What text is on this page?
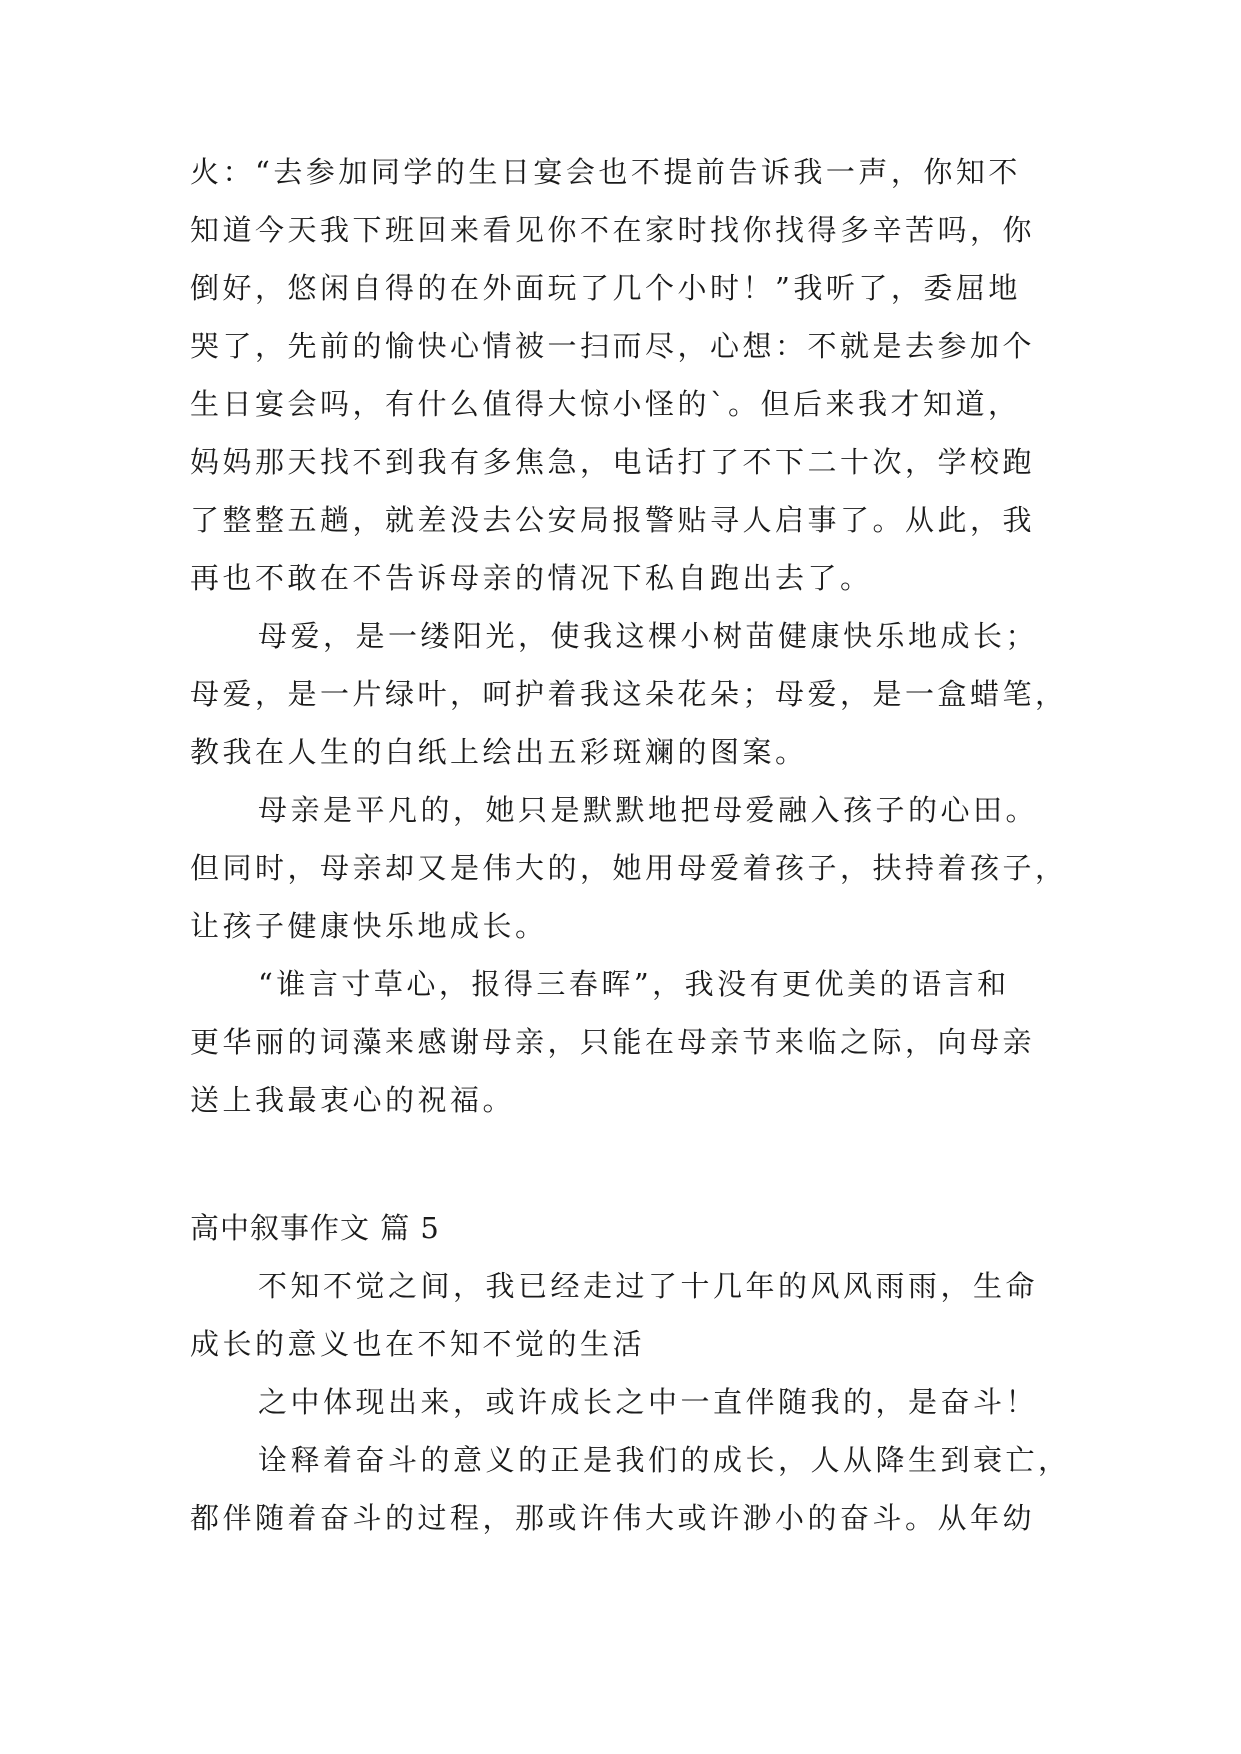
火：“去参加同学的生日宴会也不提前告诉我一声，你知不
知道今天我下班回来看见你不在家时找你找得多辛苦吗，你
倒好，悠闲自得的在外面玩了几个小时！”我听了，委屈地
哭了，先前的愉快心情被一扫而尽，心想：不就是去参加个
生日宴会吗，有什么值得大惊小怪的`。但后来我才知道，
妈妈那天找不到我有多焦急，电话打了不下二十次，学校跑
了整整五趟，就差没去公安局报警贴寻人启事了。从此，我
再也不敢在不告诉母亲的情况下私自跑出去了。
母爱，是一缕阳光，使我这棵小树苗健康快乐地成长；
母爱，是一片绿叶，呵护着我这朵花朵；母爱，是一盒蜡笔，
教我在人生的白纸上绘出五彩斑斓的图案。
母亲是平凡的，她只是默默地把母爱融入孩子的心田。
但同时，母亲却又是伟大的，她用母爱着孩子，扶持着孩子，
让孩子健康快乐地成长。
“谁言寸草心，报得三春晖”，我没有更优美的语言和
更华丽的词藻来感谢母亲，只能在母亲节来临之际，向母亲
送上我最衷心的祝福。
高中叙事作文 篇 5
不知不觉之间，我已经走过了十几年的风风雨雨，生命
成长的意义也在不知不觉的生活
之中体现出来，或许成长之中一直伴随我的，是奋斗！
诠释着奋斗的意义的正是我们的成长，人从降生到衰亡，
都伴随着奋斗的过程，那或许伟大或许渺小的奋斗。从年幼
